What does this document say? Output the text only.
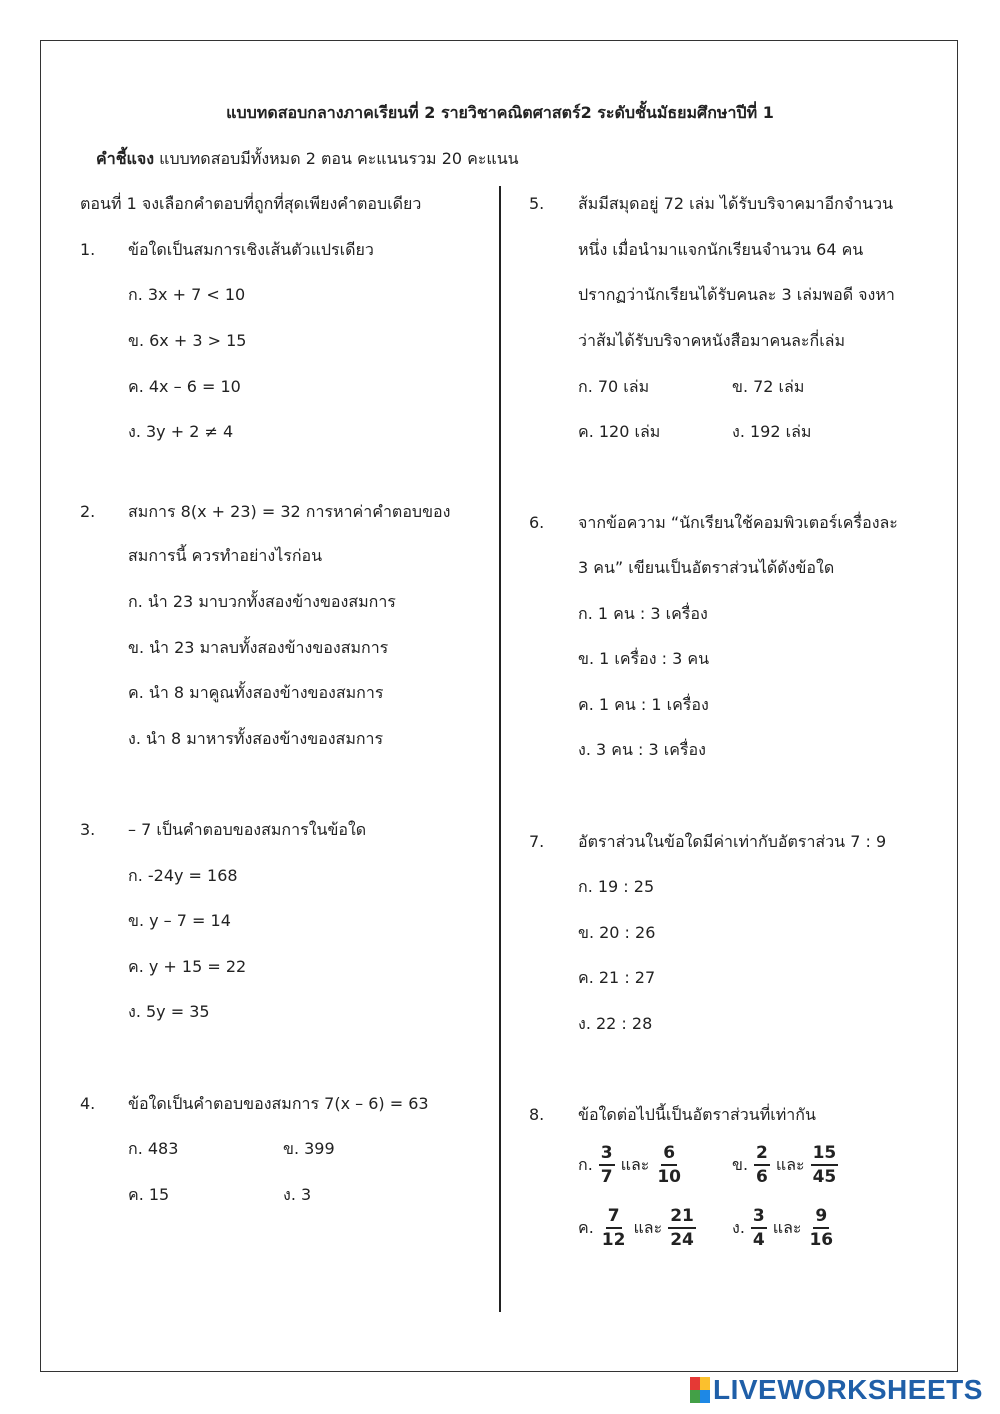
แบบทดสอบกลางภาคเรียนที่ 2 รายวิชาคณิตศาสตร์2 ระดับชั้นมัธยมศึกษาปีที่ 1
คำชี้แจง แบบทดสอบมีทั้งหมด 2 ตอน คะแนนรวม 20 คะแนน
ตอนที่ 1 จงเลือกคำตอบที่ถูกที่สุดเพียงคำตอบเดียว
1. ข้อใดเป็นสมการเชิงเส้นตัวแปรเดียว
ก. 3x + 7 < 10
ข. 6x + 3 > 15
ค. 4x – 6 = 10
ง. 3y + 2 ≠ 4
2. สมการ 8(x + 23) = 32 การหาค่าคำตอบของ
สมการนี้ ควรทำอย่างไรก่อน
ก. นำ 23 มาบวกทั้งสองข้างของสมการ
ข. นำ 23 มาลบทั้งสองข้างของสมการ
ค. นำ 8 มาคูณทั้งสองข้างของสมการ
ง. นำ 8 มาหารทั้งสองข้างของสมการ
3. – 7 เป็นคำตอบของสมการในข้อใด
ก. -24y = 168
ข. y – 7 = 14
ค. y + 15 = 22
ง. 5y = 35
4. ข้อใดเป็นคำตอบของสมการ 7(x – 6) = 63
ก. 483	ข. 399
ค. 15	ง. 3
5. ส้มมีสมุดอยู่ 72 เล่ม ได้รับบริจาคมาอีกจำนวน
หนึ่ง เมื่อนำมาแจกนักเรียนจำนวน 64 คน
ปรากฏว่านักเรียนได้รับคนละ 3 เล่มพอดี จงหา
ว่าส้มได้รับบริจาคหนังสือมาคนละกี่เล่ม
ก. 70 เล่ม	ข. 72 เล่ม
ค. 120 เล่ม	ง. 192 เล่ม
6. จากข้อความ “นักเรียนใช้คอมพิวเตอร์เครื่องละ
3 คน” เขียนเป็นอัตราส่วนได้ดังข้อใด
ก. 1 คน : 3 เครื่อง
ข. 1 เครื่อง : 3 คน
ค. 1 คน : 1 เครื่อง
ง. 3 คน : 3 เครื่อง
7. อัตราส่วนในข้อใดมีค่าเท่ากับอัตราส่วน 7 : 9
ก. 19 : 25
ข. 20 : 26
ค. 21 : 27
ง. 22 : 28
8. ข้อใดต่อไปนี้เป็นอัตราส่วนที่เท่ากัน
ก. $\frac{3}{7}$ และ $\frac{6}{10}$	ข. $\frac{2}{6}$ และ $\frac{15}{45}$
ค. $\frac{7}{12}$ และ $\frac{21}{24}$ ง. $\frac{3}{4}$ และ $\frac{9}{16}$
LIVEWORKSHEETS
